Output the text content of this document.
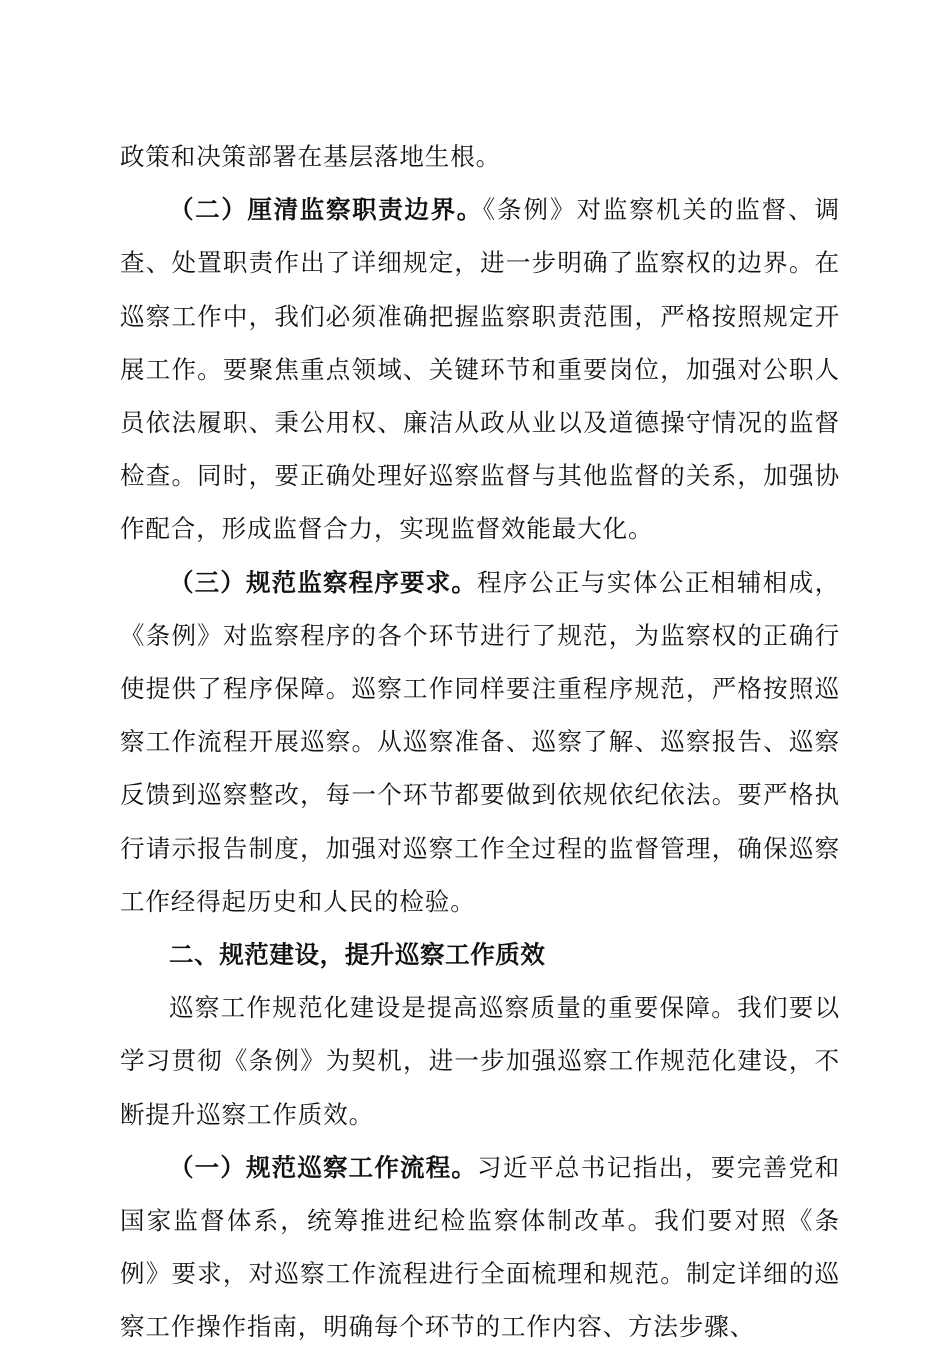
政策和决策部署在基层落地生根。

（二）厘清监察职责边界。《条例》对监察机关的监督、调查、处置职责作出了详细规定，进一步明确了监察权的边界。在巡察工作中，我们必须准确把握监察职责范围，严格按照规定开展工作。要聚焦重点领域、关键环节和重要岗位，加强对公职人员依法履职、秉公用权、廉洁从政从业以及道德操守情况的监督检查。同时，要正确处理好巡察监督与其他监督的关系，加强协作配合，形成监督合力，实现监督效能最大化。

（三）规范监察程序要求。程序公正与实体公正相辅相成，《条例》对监察程序的各个环节进行了规范，为监察权的正确行使提供了程序保障。巡察工作同样要注重程序规范，严格按照巡察工作流程开展巡察。从巡察准备、巡察了解、巡察报告、巡察反馈到巡察整改，每一个环节都要做到依规依纪依法。要严格执行请示报告制度，加强对巡察工作全过程的监督管理，确保巡察工作经得起历史和人民的检验。

二、规范建设，提升巡察工作质效

巡察工作规范化建设是提高巡察质量的重要保障。我们要以学习贯彻《条例》为契机，进一步加强巡察工作规范化建设，不断提升巡察工作质效。

（一）规范巡察工作流程。习近平总书记指出，要完善党和国家监督体系，统筹推进纪检监察体制改革。我们要对照《条例》要求，对巡察工作流程进行全面梳理和规范。制定详细的巡察工作操作指南，明确每个环节的工作内容、方法步骤、
